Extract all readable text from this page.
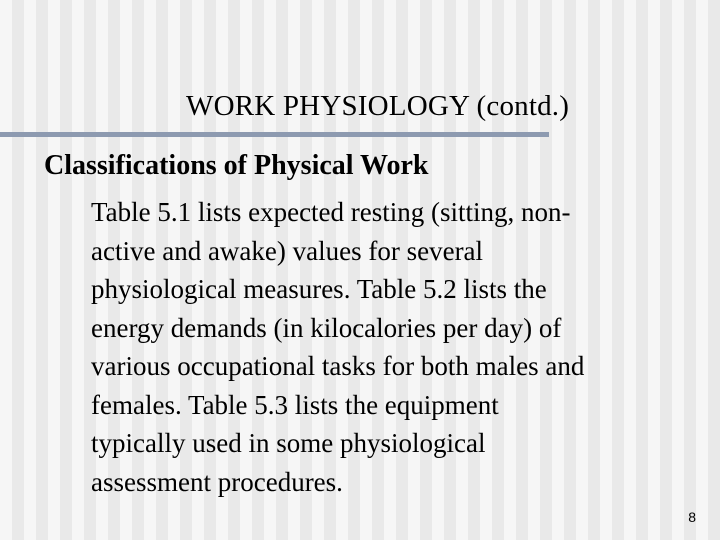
WORK PHYSIOLOGY (contd.)
Classifications of Physical Work

Table 5.1 lists expected resting (sitting, non-
active and awake) values for several
physiological measures. Table 5.2 lists the
energy demands (in kilocalories per day) of
various occupational tasks for both males and
females. Table 5.3 lists the equipment
typically used in some physiological
assessment procedures.

8
